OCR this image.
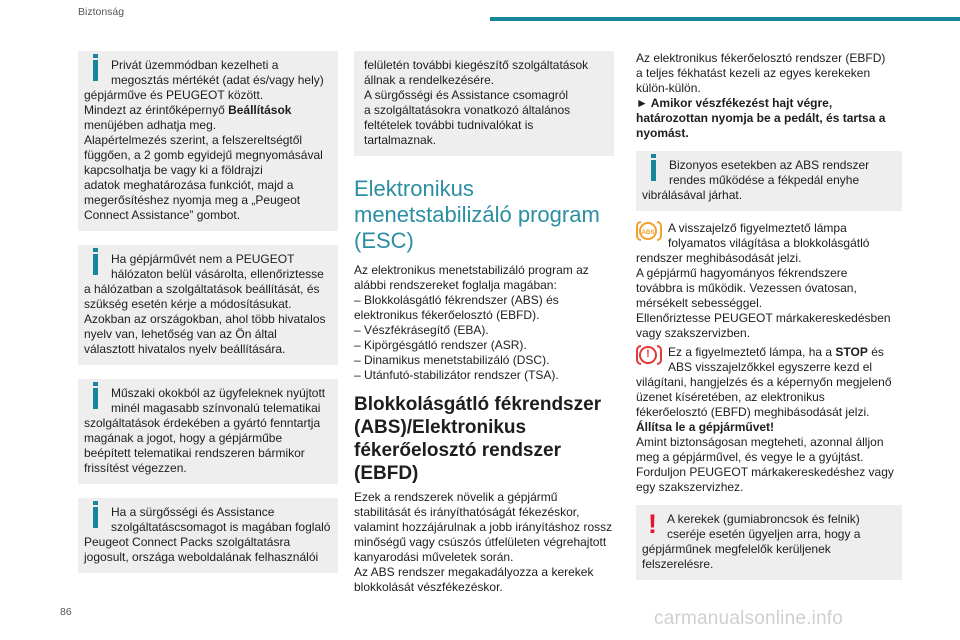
Biztonság

Privát üzemmódban kezelheti a

megosztás mértékét (adat és/vagy hely)

gépjárműve és PEUGEOT között.

Mindezt az érintőképernyő Beállítások

menüjében adhatja meg.

Alapértelmezés szerint, a felszereltségtől

függően, a 2 gomb egyidejű megnyomásával

kapcsolhatja be vagy ki a földrajzi

adatok meghatározása funkciót, majd a

megerősítéshez nyomja meg a „Peugeot

Connect Assistance” gombot.

Ha gépjárművét nem a PEUGEOT

hálózaton belül vásárolta, ellenőriztesse

a hálózatban a szolgáltatások beállítását, és

szükség esetén kérje a módosításukat.

Azokban az országokban, ahol több hivatalos

nyelv van, lehetőség van az Ön által

választott hivatalos nyelv beállítására.

Műszaki okokból az ügyfeleknek nyújtott

minél magasabb színvonalú telematikai

szolgáltatások érdekében a gyártó fenntartja

magának a jogot, hogy a gépjárműbe

beépített telematikai rendszeren bármikor

frissítést végezzen.

Ha a sürgősségi és Assistance

szolgáltatáscsomagot is magában foglaló

Peugeot Connect Packs szolgáltatásra

jogosult, országa weboldalának felhasználói

felületén további kiegészítő szolgáltatások

állnak a rendelkezésére.

A sürgősségi és Assistance csomagról

a szolgáltatásokra vonatkozó általános

feltételek további tudnivalókat is tartalmaznak.

Elektronikus
menetstabilizáló program
(ESC)

Az elektronikus menetstabilizáló program az

alábbi rendszereket foglalja magában:

– Blokkolásgátló fékrendszer (ABS) és

elektronikus fékerőelosztó (EBFD).

– Vészfékrásegítő (EBA).

– Kipörgésgátló rendszer (ASR).

– Dinamikus menetstabilizáló (DSC).

– Utánfutó-stabilizátor rendszer (TSA).

Blokkolásgátló fékrendszer
(ABS)/Elektronikus
fékerőelosztó rendszer
(EBFD)

Ezek a rendszerek növelik a gépjármű

stabilitását és irányíthatóságát fékezéskor,

valamint hozzájárulnak a jobb irányításhoz rossz

minőségű vagy csúszós útfelületen végrehajtott

kanyarodási műveletek során.

Az ABS rendszer megakadályozza a kerekek

blokkolását vészfékezéskor.

Az elektronikus fékerőelosztó rendszer (EBFD)

a teljes fékhatást kezeli az egyes kerekeken

külön-külön.

► Amikor vészfékezést hajt végre,

határozottan nyomja be a pedált, és tartsa a

nyomást.

Bizonyos esetekben az ABS rendszer

rendes működése a fékpedál enyhe

vibrálásával járhat.

ABS	A visszajelző figyelmeztető lámpa

folyamatos világítása a blokkolásgátló

rendszer meghibásodását jelzi.

A gépjármű hagyományos fékrendszere

továbbra is működik. Vezessen óvatosan,

mérsékelt sebességgel.

Ellenőriztesse PEUGEOT márkakereskedésben

vagy szakszervizben.

!	Ez a figyelmeztető lámpa, ha a STOP és

ABS visszajelzőkkel egyszerre kezd el

világítani, hangjelzés és a képernyőn megjelenő

üzenet kíséretében, az elektronikus

fékerőelosztó (EBFD) meghibásodását jelzi.

Állítsa le a gépjárművet!

Amint biztonságosan megteheti, azonnal álljon

meg a gépjárművel, és vegye le a gyújtást.

Forduljon PEUGEOT márkakereskedéshez vagy

egy szakszervizhez.

! A kerekek (gumiabroncsok és felnik)

cseréje esetén ügyeljen arra, hogy a

gépjárműnek megfelelők kerüljenek

felszerelésre.

86	carmanualsonline.info
